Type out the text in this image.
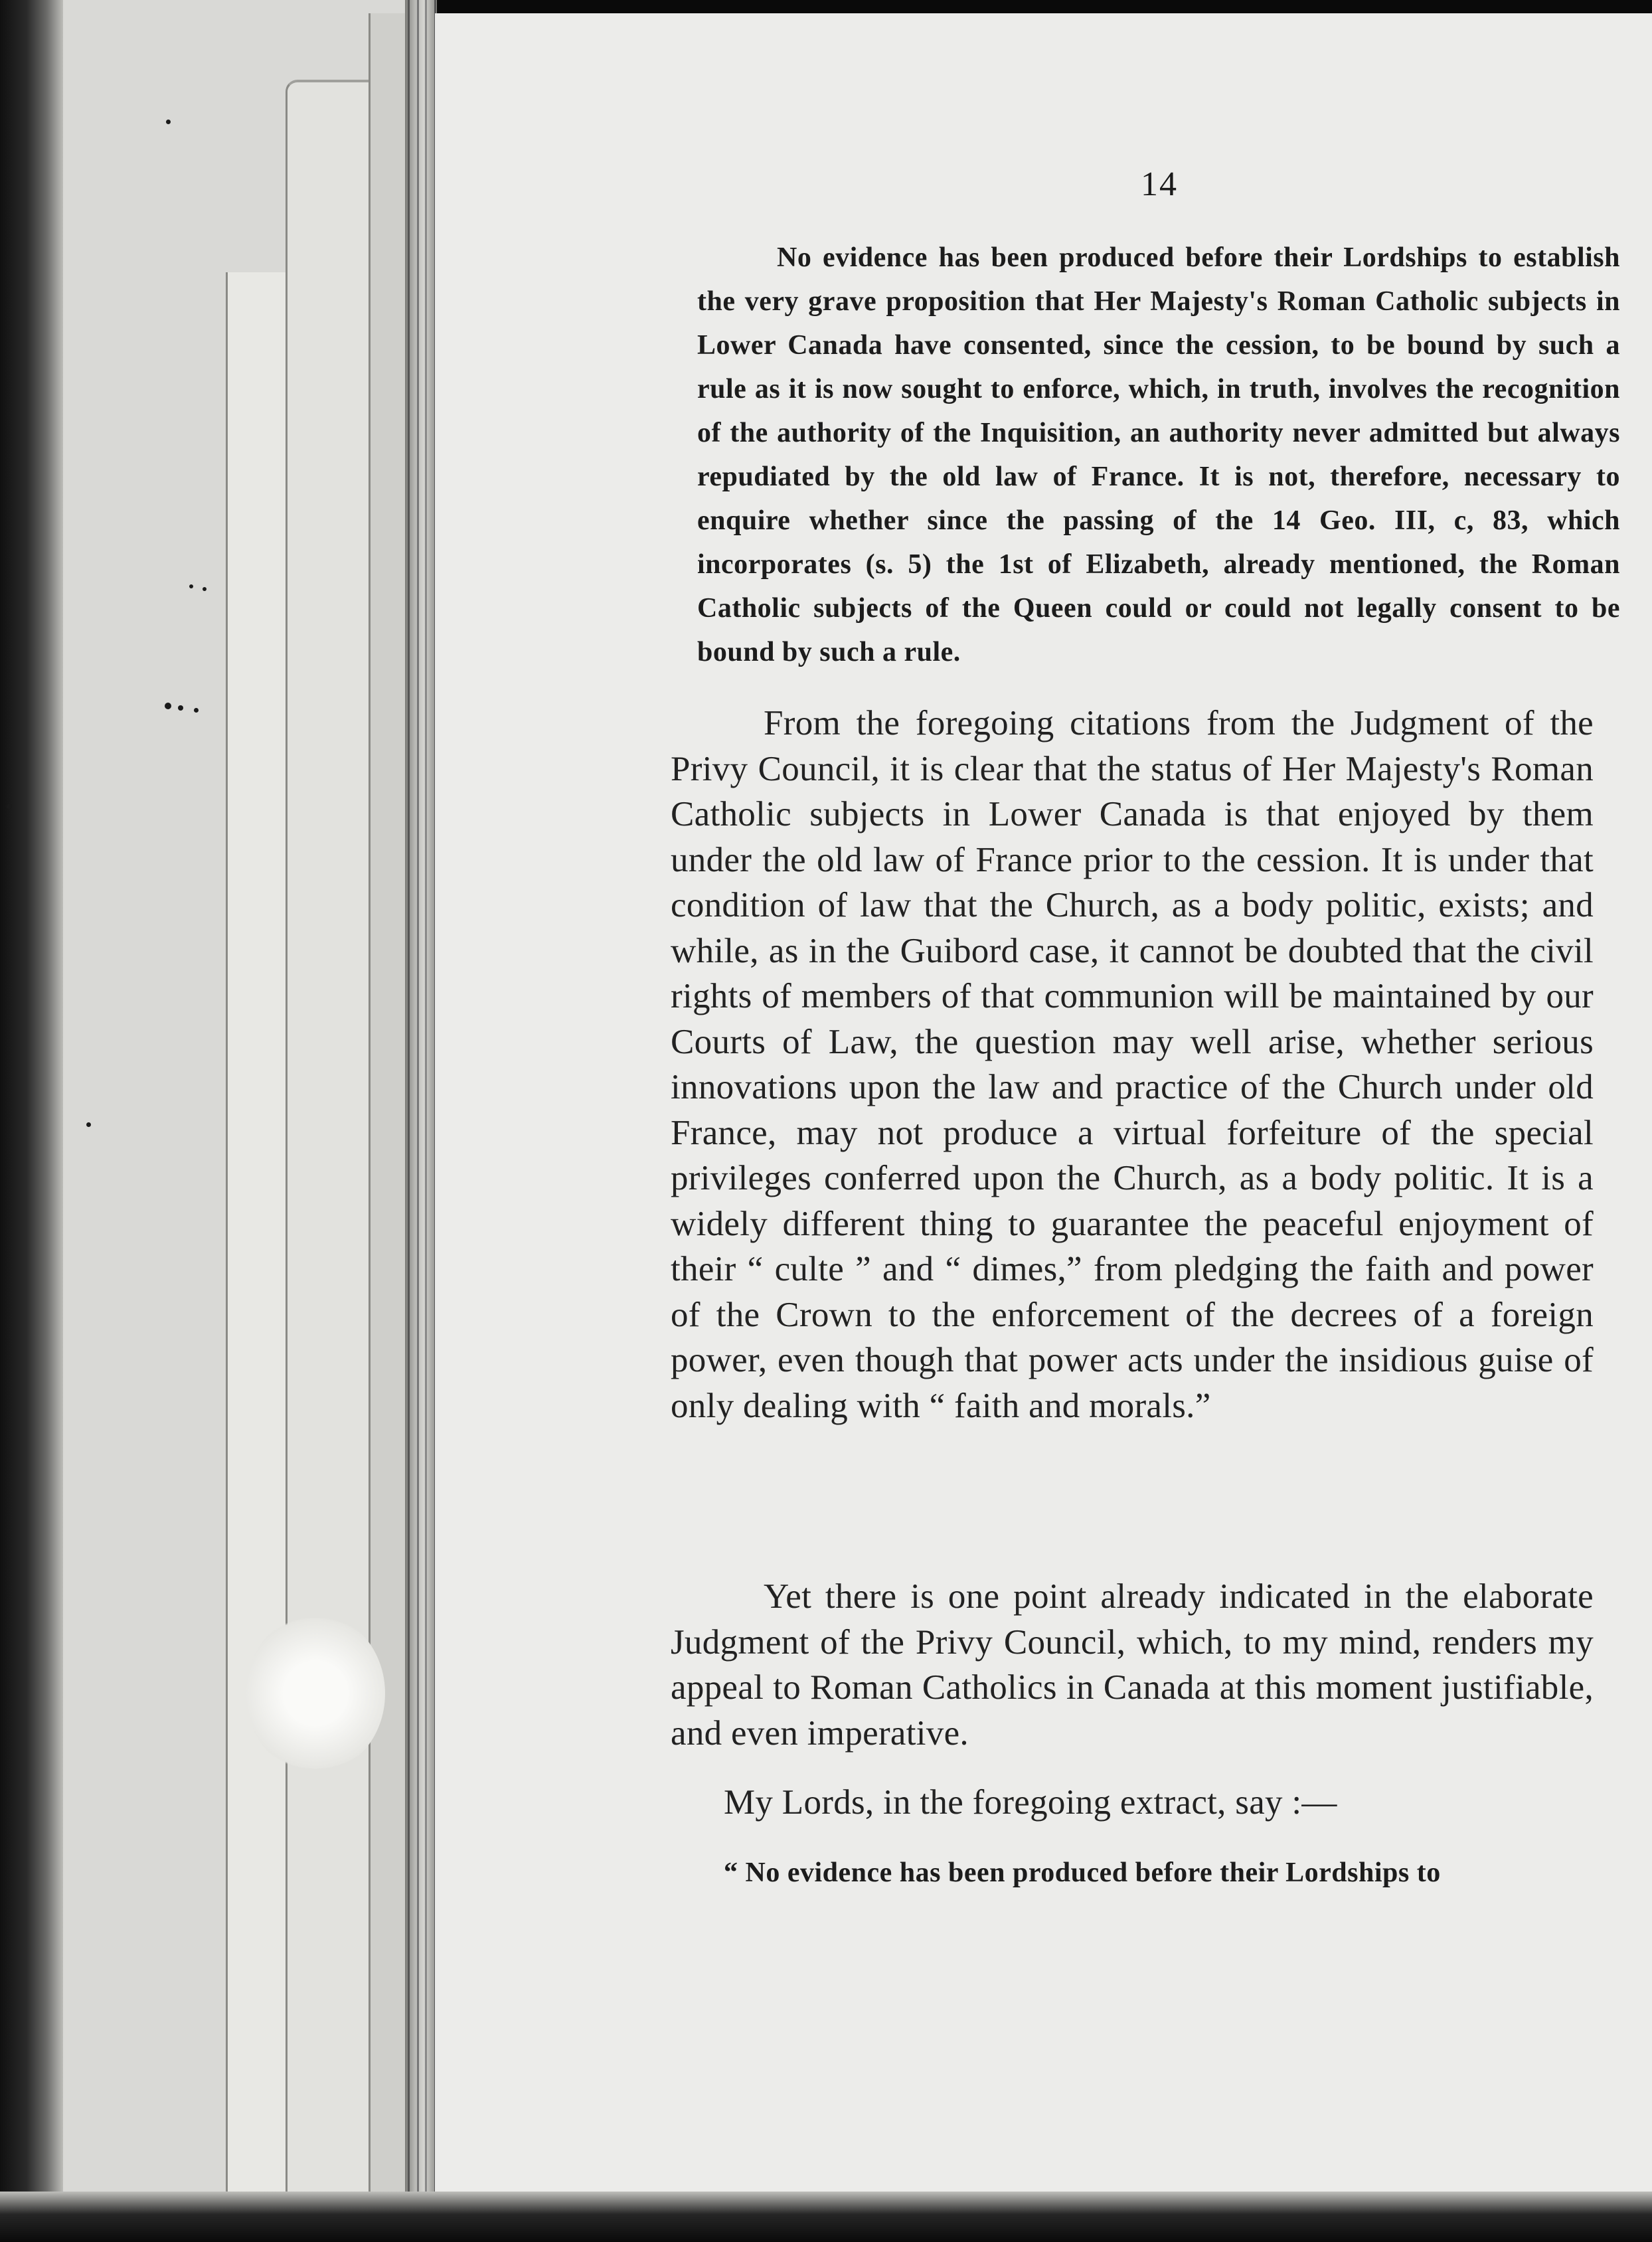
14
No evidence has been produced before their Lordships to establish the very grave proposition that Her Majesty's Roman Catholic subjects in Lower Canada have consented, since the cession, to be bound by such a rule as it is now sought to enforce, which, in truth, involves the recognition of the authority of the Inquisition, an authority never admitted but always repudiated by the old law of France. It is not, therefore, necessary to enquire whether since the passing of the 14 Geo. III, c, 83, which incorporates (s. 5) the 1st of Elizabeth, already mentioned, the Roman Catholic subjects of the Queen could or could not legally consent to be bound by such a rule.
From the foregoing citations from the Judgment of the Privy Council, it is clear that the status of Her Majesty's Roman Catholic subjects in Lower Canada is that enjoyed by them under the old law of France prior to the cession. It is under that condition of law that the Church, as a body politic, exists; and while, as in the Guibord case, it cannot be doubted that the civil rights of members of that communion will be maintained by our Courts of Law, the question may well arise, whether serious innovations upon the law and practice of the Church under old France, may not produce a virtual forfeiture of the special privileges conferred upon the Church, as a body politic. It is a widely different thing to guarantee the peaceful enjoyment of their “ culte ” and “ dimes,” from pledging the faith and power of the Crown to the enforcement of the decrees of a foreign power, even though that power acts under the insidious guise of only dealing with “ faith and morals.”
Yet there is one point already indicated in the elaborate Judgment of the Privy Council, which, to my mind, renders my appeal to Roman Catholics in Canada at this moment justifiable, and even imperative.
My Lords, in the foregoing extract, say :—
“ No evidence has been produced before their Lordships to
